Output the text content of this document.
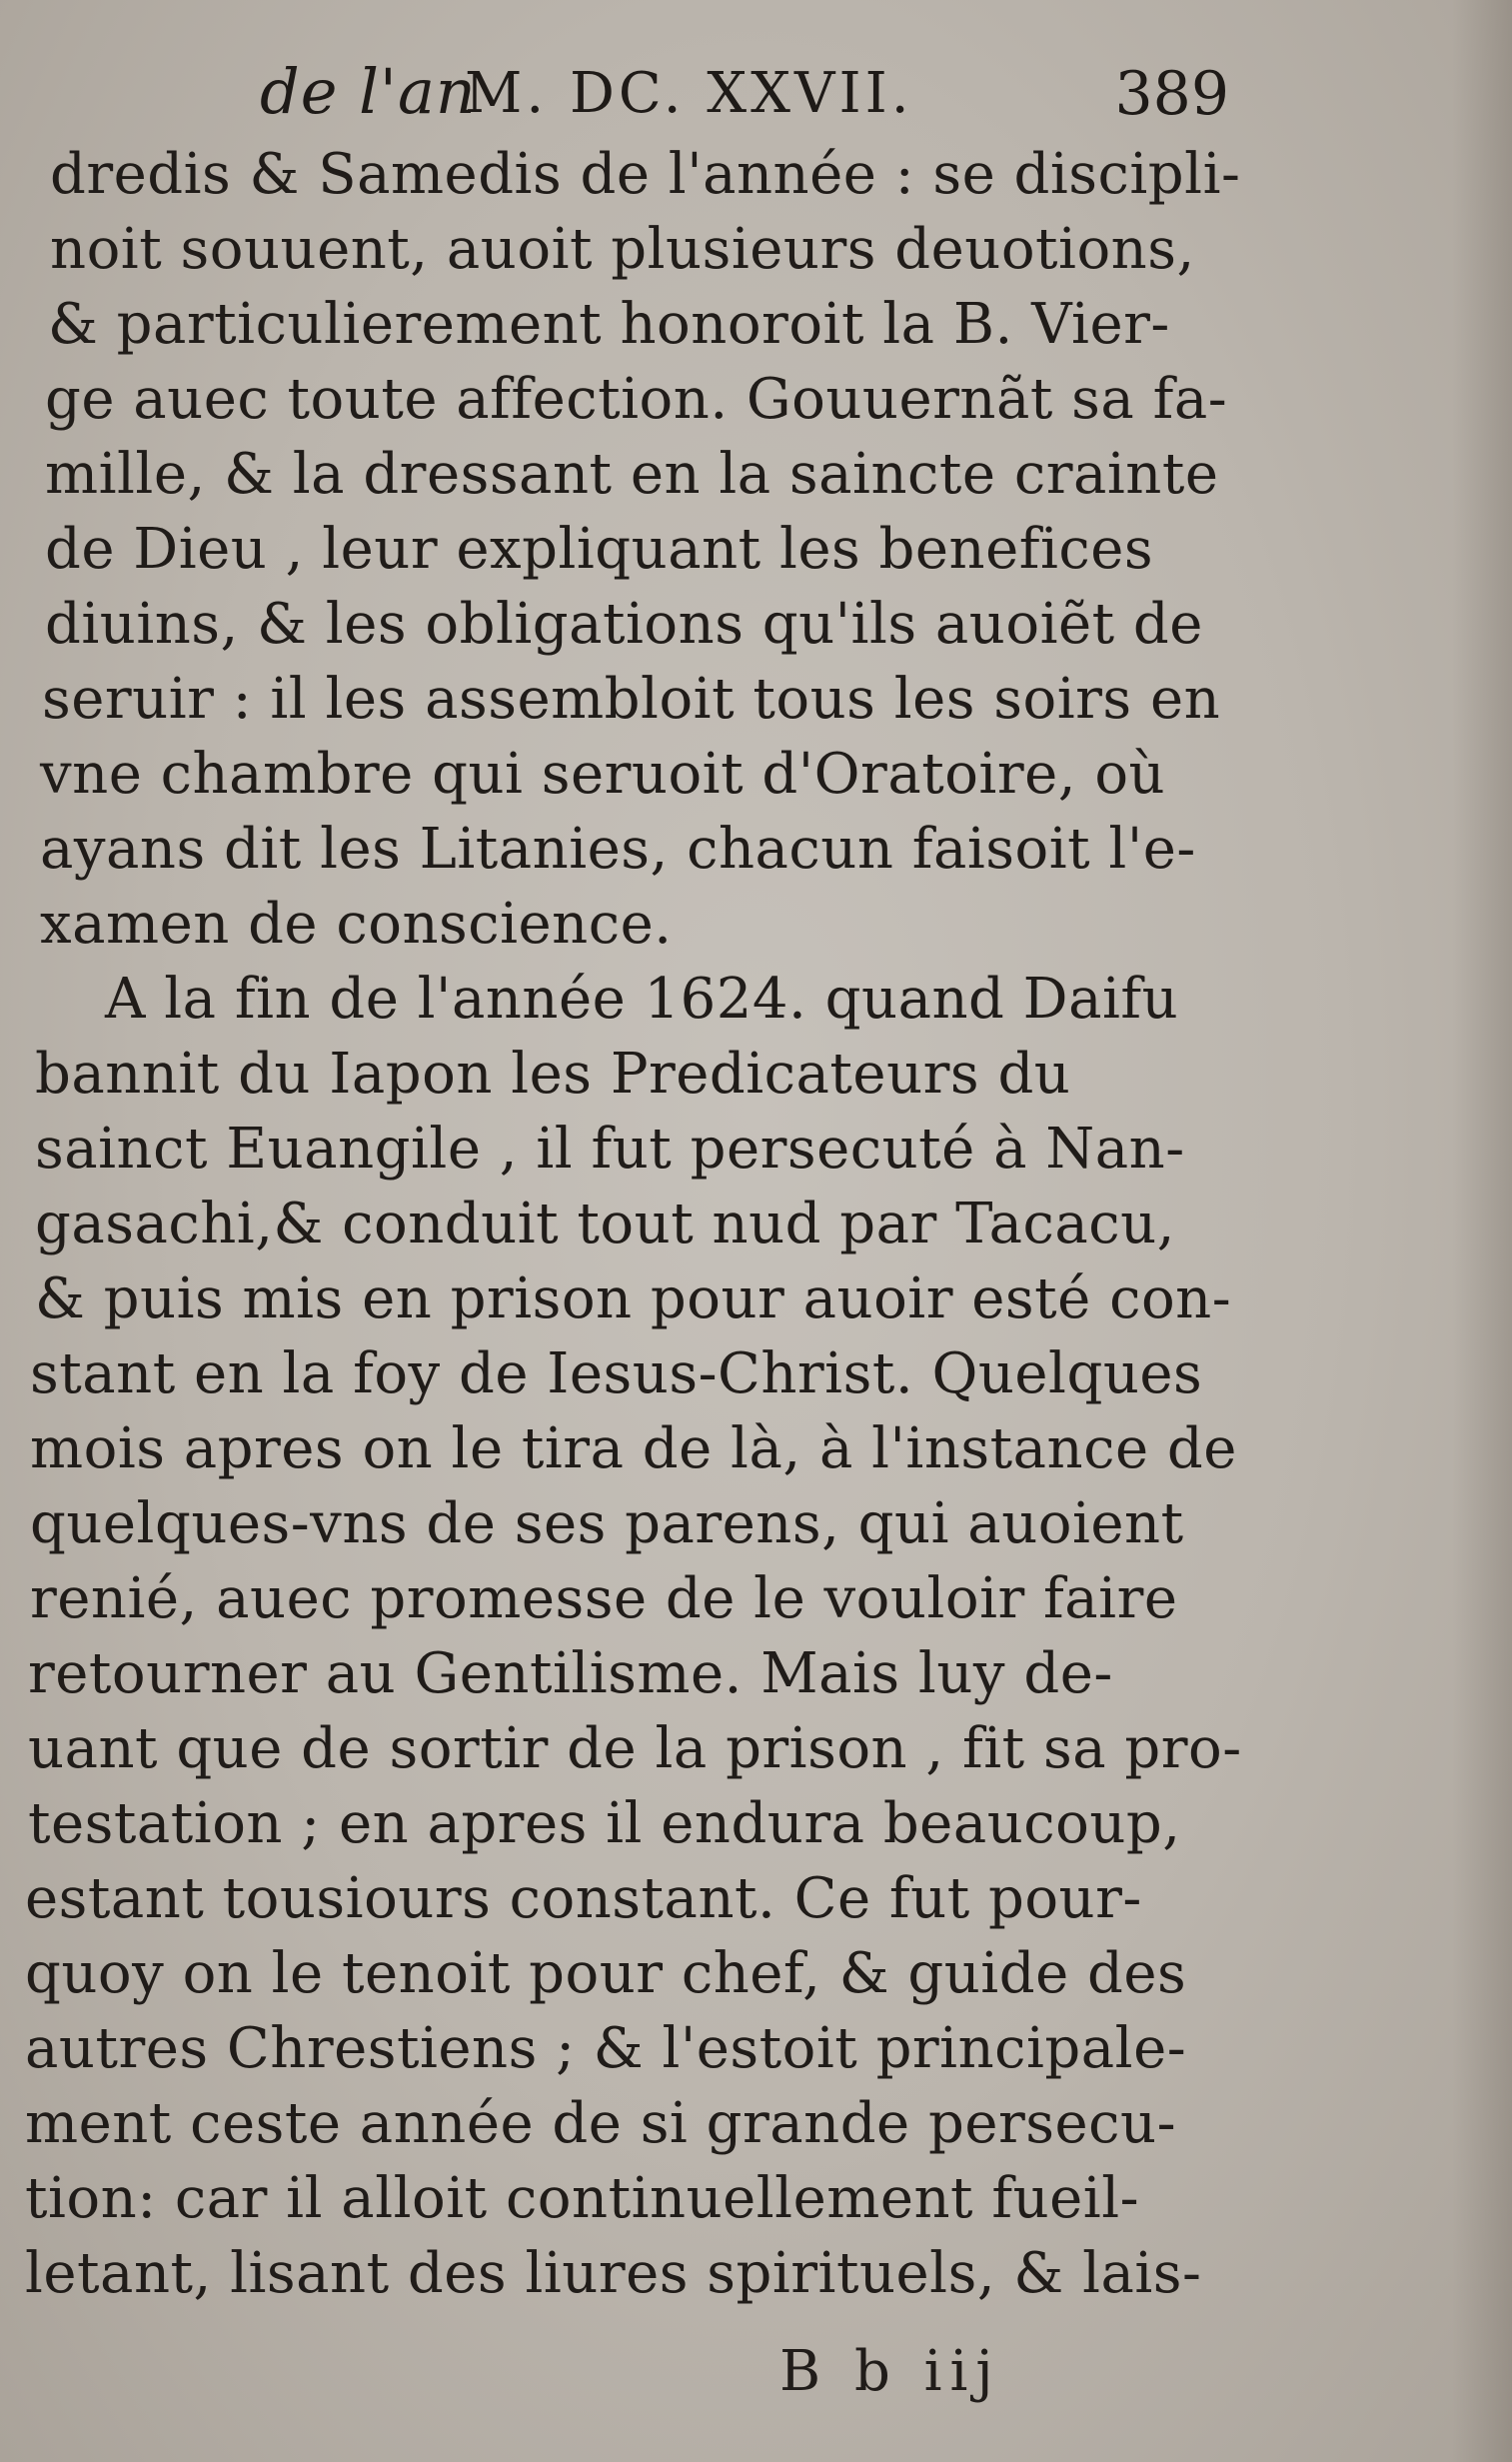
de l'an
M. DC. XXVII.	389
dredis & Samedis de l'année : se discipli-
noit souuent, auoit plusieurs deuotions,
& particulierement honoroit la B. Vier-
ge auec toute affection. Gouuernãt sa fa-
mille, & la dressant en la saincte crainte
de Dieu , leur expliquant les benefices
diuins, & les obligations qu'ils auoiẽt de
seruir : il les assembloit tous les soirs en
vne chambre qui seruoit d'Oratoire, où
ayans dit les Litanies, chacun faisoit l'e-
xamen de conscience.
A la fin de l'année 1624. quand Daifu
bannit du Iapon les Predicateurs du
sainct Euangile , il fut persecuté à Nan-
gasachi,& conduit tout nud par Tacacu,
& puis mis en prison pour auoir esté con-
stant en la foy de Iesus-Christ. Quelques
mois apres on le tira de là, à l'instance de
quelques-vns de ses parens, qui auoient
renié, auec promesse de le vouloir faire
retourner au Gentilisme. Mais luy de-
uant que de sortir de la prison , fit sa pro-
testation ; en apres il endura beaucoup,
estant tousiours constant. Ce fut pour-
quoy on le tenoit pour chef, & guide des
autres Chrestiens ; & l'estoit principale-
ment ceste année de si grande persecu-
tion: car il alloit continuellement fueil-
letant, lisant des liures spirituels, & lais-
B b iij
